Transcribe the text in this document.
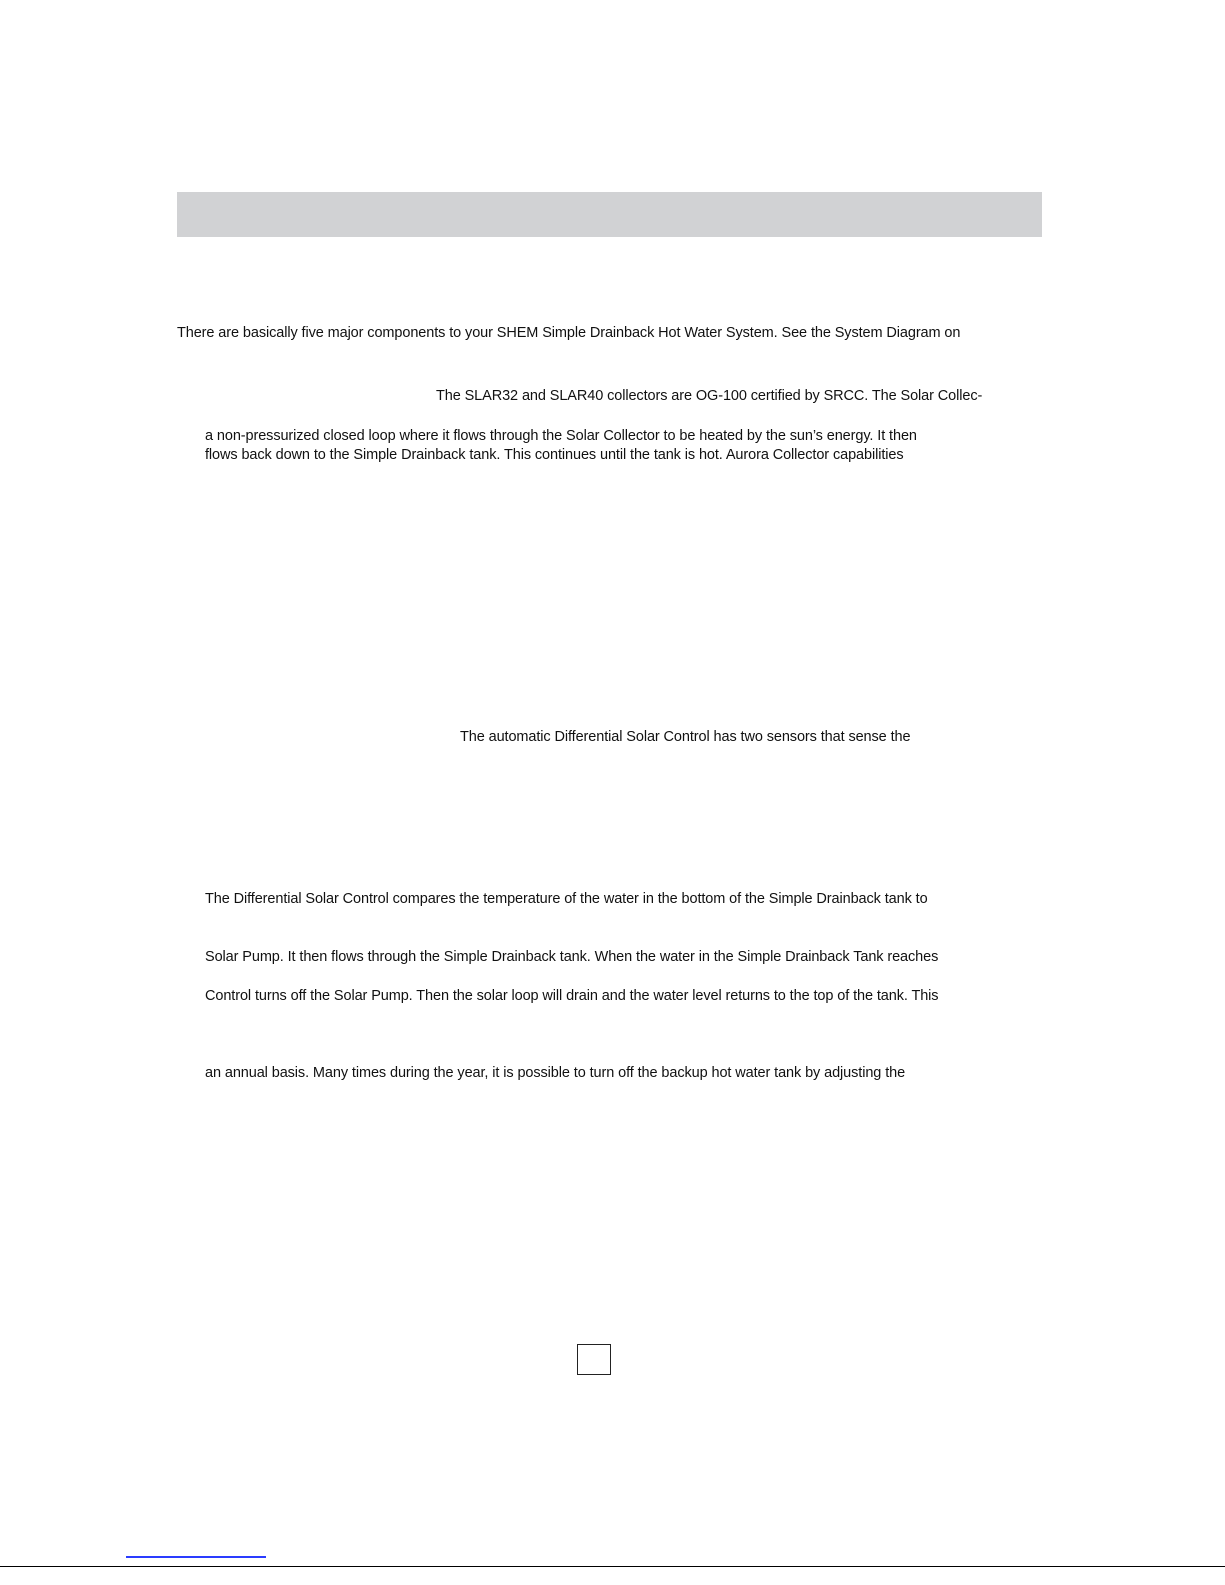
There are basically five major components to your SHEM Simple Drainback Hot Water System. See the System Diagram on
The SLAR32 and SLAR40 collectors are OG-100 certified by SRCC. The Solar Collec-
a non-pressurized closed loop where it flows through the Solar Collector to be heated by the sun’s energy. It then
flows back down to the Simple Drainback tank. This continues until the tank is hot. Aurora Collector capabilities
The automatic Differential Solar Control has two sensors that sense the
The Differential Solar Control compares the temperature of the water in the bottom of the Simple Drainback tank to
Solar Pump. It then flows through the Simple Drainback tank. When the water in the Simple Drainback Tank reaches
Control turns off the Solar Pump. Then the solar loop will drain and the water level returns to the top of the tank. This
an annual basis. Many times during the year, it is possible to turn off the backup hot water tank by adjusting the
